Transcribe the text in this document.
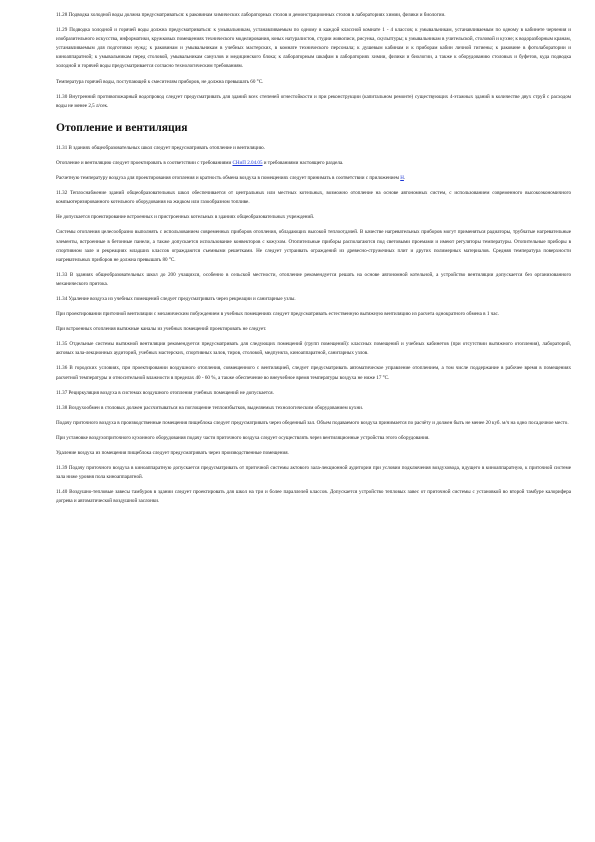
11.28 Подводка холодной воды должна предусматриваться: к раковинам химических лабораторных столов и демонстрационных столов в лабораториях химии, физики и биологии.

11.29 Подводка холодной и горячей воды должна предусматриваться: к умывальникам, устанавливаемым по одному в каждой классной комнате 1 - 4 классов; к умывальникам, устанавливаемым по одному в кабинете черчения и изобразительного искусства, информатики, кружковых помещениях технического моделирования, юных натуралистов, студии живописи, рисунка, скульптуры; к умывальникам в учительской, столовой и кухне; к водоразборным кранам, устанавливаемым для подготовки нужд; к раковинам и умывальникам в учебных мастерских, в комнате технического персонала; к душевым кабинам и к приборам кабин личной гигиены; к раковине в фотолаборатории и киноаппаратной; к умывальникам перед столовой, умывальникам санузлов и медицинского блока; к лабораторным шкафам в лабораториях химии, физики и биологии, а также к оборудованию столовых и буфетов, куда подводка холодной и горячей воды предусматривается согласно технологическим требованиям.

Температура горячей воды, поступающей к смесителям приборов, не должна превышать 60 °С.

11.30 Внутренний противопожарный водопровод следует предусматривать для зданий всех степеней огнестойкости и при реконструкции (капитальном ремонте) существующих 4-этажных зданий в количестве двух струй с расходом воды не менее 2,5 л/сек.

Отопление и вентиляция

11.31 В зданиях общеобразовательных школ следует предусматривать отопление и вентиляцию.

Отопление и вентиляцию следует проектировать в соответствии с требованиями СНиП 2.04.05 и требованиями настоящего раздела.

Расчетную температуру воздуха для проектирования отопления и кратность обмена воздуха в помещениях следует принимать в соответствии с приложением Н.

11.32 Теплоснабжение зданий общеобразовательных школ обеспечивается от центральных или местных котельных, возможно отопление на основе автономных систем, с использованием современного высокоэкономичного компьютеризированного котельного оборудования на жидком или газообразном топливе.

Не допускается проектирование встроенных и пристроенных котельных в зданиях общеобразовательных учреждений.

Системы отопления целесообразно выполнять с использованием современных приборов отопления, обладающих высокой теплоотдачей. В качестве нагревательных приборов могут применяться радиаторы, трубчатые нагревательные элементы, встроенные в бетонные панели, а также допускается использование конвекторов с кожухом. Отопительные приборы располагаются под световыми проемами и имеют регуляторы температуры. Отопительные приборы в спортивном зале и рекреациях младших классов ограждаются съемными решетками. Не следует устраивать ограждений из древесно-стружечных плит и других полимерных материалов. Средняя температура поверхности нагревательных приборов не должна превышать 80 °С.

11.33 В зданиях общеобразовательных школ до 200 учащихся, особенно в сельской местности, отопление рекомендуется решать на основе автономной котельной, а устройство вентиляции допускается без организованного механического притока.

11.34 Удаление воздуха из учебных помещений следует предусматривать через рекреации и санитарные узлы.

При проектировании приточной вентиляции с механическим побуждением в учебных помещениях следует предусматривать естественную вытяжную вентиляцию из расчета однократного обмена в 1 час.

При встроенных отопления вытяжные каналы из учебных помещений проектировать не следует.

11.35 Отдельные системы вытяжной вентиляции рекомендуется предусматривать для следующих помещений (групп помещений): классных помещений и учебных кабинетов (при отсутствии вытяжного отопления), лабораторий, актовых зала-лекционных аудиторий, учебных мастерских, спортивных залов, тиров, столовой, медпункта, киноаппаратной, санитарных узлов.

11.36 В городских условиях, при проектировании воздушного отопления, совмещенного с вентиляцией, следует предусматривать автоматическое управление отоплением, а том числе поддержание в рабочее время в помещениях расчетной температуры и относительной влажности в пределах 40 - 60 %, а также обеспечение во внеучебное время температуры воздуха не ниже 17 °С.

11.37 Рециркуляция воздуха в системах воздушного отопления учебных помещений не допускается.

11.38 Воздухообмен в столовых должен рассчитываться на поглощение теплоизбытков, выделяемых технологическим оборудованием кухни.

Подачу приточного воздуха в производственные помещения пищеблока следует предусматривать через обеденный зал. Объем подаваемого воздуха принимается по расчёту и должен быть не менее 20 куб. м/ч на одно посадочное место.

При установке воздухоприточного кухонного оборудования подачу части приточного воздуха следует осуществлять через вентиляционные устройства этого оборудования.

Удаление воздуха из помещения пищеблока следует предусматривать через производственные помещения.

11.39 Подачу приточного воздуха в киноаппаратную допускается предусматривать от приточной системы актового зала-лекционной аудитории при условии подключения воздуховода, идущего в киноаппаратную, к приточной системе зала ниже уровня пола киноаппаратной.

11.40 Воздушно-тепловые завесы тамбуров в здании следует проектировать для школ на три и более параллелей классов. Допускается устройство тепловых завес от приточной системы с установкой во второй тамбуре калорифера догрева и автоматической воздушной заслонки.
